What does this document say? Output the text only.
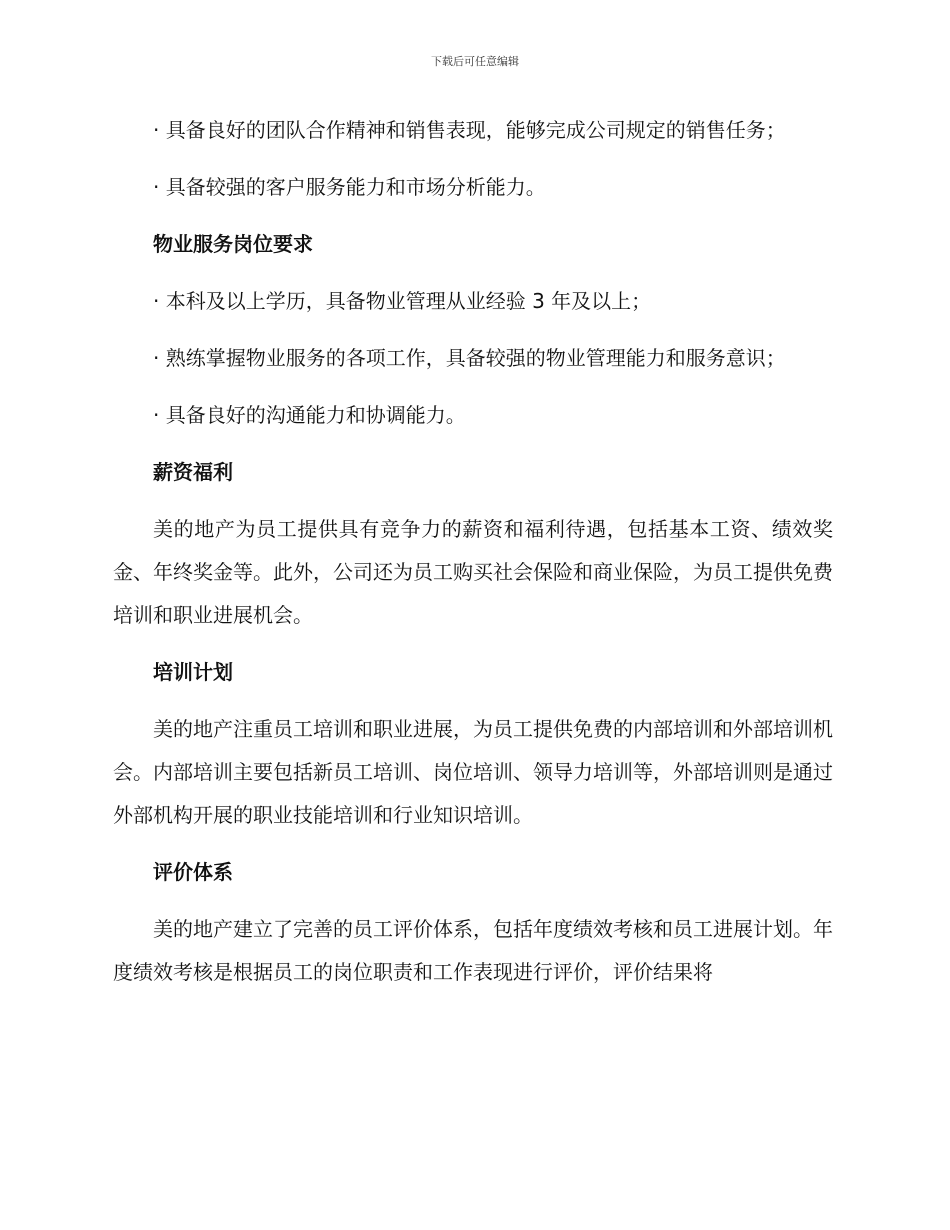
下载后可任意编辑

· 具备良好的团队合作精神和销售表现，能够完成公司规定的销售任务；

· 具备较强的客户服务能力和市场分析能力。

物业服务岗位要求

· 本科及以上学历，具备物业管理从业经验 3 年及以上；

· 熟练掌握物业服务的各项工作，具备较强的物业管理能力和服务意识；

· 具备良好的沟通能力和协调能力。

薪资福利

美的地产为员工提供具有竞争力的薪资和福利待遇，包括基本工资、绩效奖金、年终奖金等。此外，公司还为员工购买社会保险和商业保险，为员工提供免费培训和职业进展机会。

培训计划

美的地产注重员工培训和职业进展，为员工提供免费的内部培训和外部培训机会。内部培训主要包括新员工培训、岗位培训、领导力培训等，外部培训则是通过外部机构开展的职业技能培训和行业知识培训。

评价体系

美的地产建立了完善的员工评价体系，包括年度绩效考核和员工进展计划。年度绩效考核是根据员工的岗位职责和工作表现进行评价，评价结果将
